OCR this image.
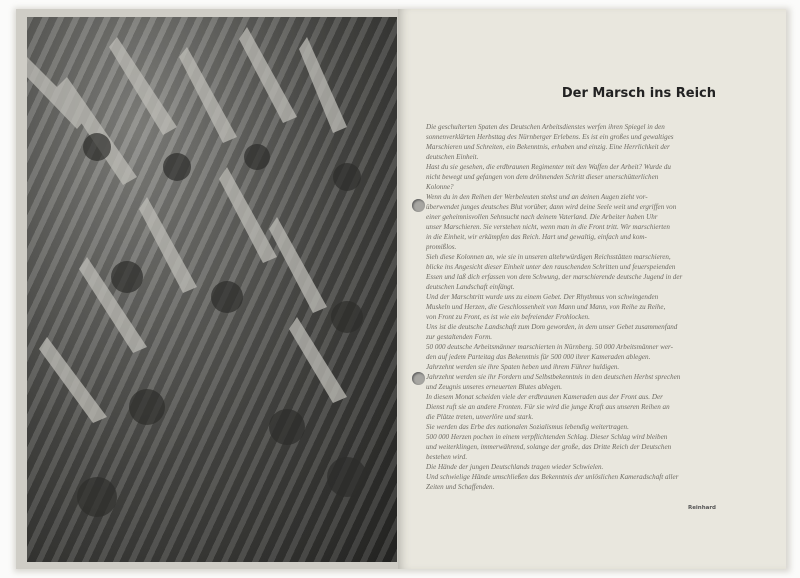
Der Marsch ins Reich
Die geschulterten Spaten des Deutschen Arbeitsdienstes werfen ihren Spiegel in den
sonnenverklärten Herbsttag des Nürnberger Erlebens. Es ist ein großes und gewaltiges
Marschieren und Schreiten, ein Bekenntnis, erhaben und einzig. Eine Herrlichkeit der
deutschen Einheit.
Hast du sie gesehen, die erdbraunen Regimenter mit den Waffen der Arbeit? Wurde du
nicht bewegt und gefangen von dem dröhnenden Schritt dieser unerschütterlichen
Kolonne?
Wenn du in den Reihen der Werbeleuten stehst und an deinen Augen zieht vor-
überwendet junges deutsches Blut vorüber, dann wird deine Seele weit und ergriffen von
einer geheimnisvollen Sehnsucht nach deinem Vaterland. Die Arbeiter haben Uhr
unser Marschieren. Sie verstehen nicht, wenn man in die Front tritt. Wir marschierten
in die Einheit, wir erkämpfen das Reich. Hart und gewaltig, einfach und kom-
promißlos.
Sieh diese Kolonnen an, wie sie in unseren altehrwürdigen Reichsstätten marschieren,
blicke ins Angesicht dieser Einheit unter den rauschenden Schritten und feuerspeienden
Essen und laß dich erfassen von dem Schwung, der marschierende deutsche Jugend in der
deutschen Landschaft einfängt.
Und der Marschtritt wurde uns zu einem Gebet. Der Rhythmus von schwingenden
Muskeln und Herzen, die Geschlossenheit von Mann und Mann, von Reihe zu Reihe,
von Front zu Front, es ist wie ein befreiender Frohlocken.
Uns ist die deutsche Landschaft zum Dom geworden, in dem unser Gebet zusammenfand
zur gestaltenden Form.
50 000 deutsche Arbeitsmänner marschierten in Nürnberg. 50 000 Arbeitsmänner wer-
den auf jedem Parteitag das Bekenntnis für 500 000 ihrer Kameraden ablegen.
Jahrzehnt werden sie ihre Spaten heben und ihrem Führer huldigen.
Jahrzehnt werden sie ihr Fordern und Selbstbekenntnis in den deutschen Herbst sprechen
und Zeugnis unseres erneuerten Blutes ablegen.
In diesem Monat scheiden viele der erdbraunen Kameraden aus der Front aus. Der
Dienst ruft sie an andere Fronten. Für sie wird die junge Kraft aus unseren Reihen an
die Plätze treten, unverlöre und stark.
Sie werden das Erbe des nationalen Sozialismus lebendig weitertragen.
500 000 Herzen pochen in einem verpflichtenden Schlag. Dieser Schlag wird bleiben
und weiterklingen, immerwährend, solange der große, das Dritte Reich der Deutschen
bestehen wird.
Die Hände der jungen Deutschlands tragen wieder Schwielen.
Und schwielige Hände umschließen das Bekenntnis der unlöslichen Kameradschaft aller
Zeiten und Schaffenden.
Reinhard
